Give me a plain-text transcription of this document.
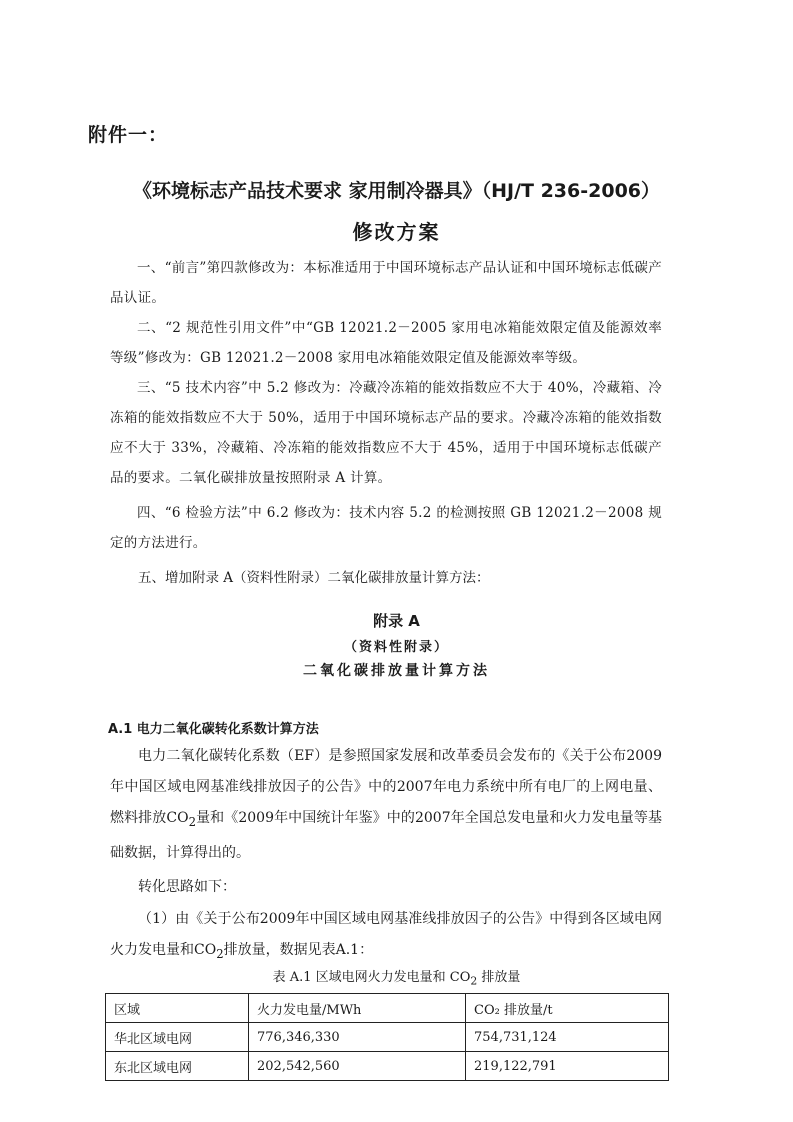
附件一：
《环境标志产品技术要求 家用制冷器具》（HJ/T 236-2006）
修改方案
一、“前言”第四款修改为：本标准适用于中国环境标志产品认证和中国环境标志低碳产品认证。
二、“2 规范性引用文件”中“GB 12021.2－2005 家用电冰箱能效限定值及能源效率等级”修改为：GB 12021.2－2008 家用电冰箱能效限定值及能源效率等级。
三、“5 技术内容”中 5.2 修改为：冷藏冷冻箱的能效指数应不大于 40%，冷藏箱、冷冻箱的能效指数应不大于 50%，适用于中国环境标志产品的要求。冷藏冷冻箱的能效指数应不大于 33%，冷藏箱、冷冻箱的能效指数应不大于 45%，适用于中国环境标志低碳产品的要求。二氧化碳排放量按照附录 A 计算。
四、“6 检验方法”中 6.2 修改为：技术内容 5.2 的检测按照 GB 12021.2－2008 规定的方法进行。
五、增加附录 A（资料性附录）二氧化碳排放量计算方法：
附录 A
（资料性附录）
二氧化碳排放量计算方法
A.1 电力二氧化碳转化系数计算方法
电力二氧化碳转化系数（EF）是参照国家发展和改革委员会发布的《关于公布2009年中国区域电网基准线排放因子的公告》中的2007年电力系统中所有电厂的上网电量、燃料排放$CO_2$量和《2009年中国统计年鉴》中的2007年全国总发电量和火力发电量等基础数据，计算得出的。
转化思路如下：
（1）由《关于公布2009年中国区域电网基准线排放因子的公告》中得到各区域电网火力发电量和$CO_2$排放量，数据见表A.1：
表 A.1 区域电网火力发电量和 $CO_2$ 排放量
区域	火力发电量/MWh	CO₂ 排放量/t
华北区域电网	776,346,330	754,731,124
东北区域电网	202,542,560	219,122,791
